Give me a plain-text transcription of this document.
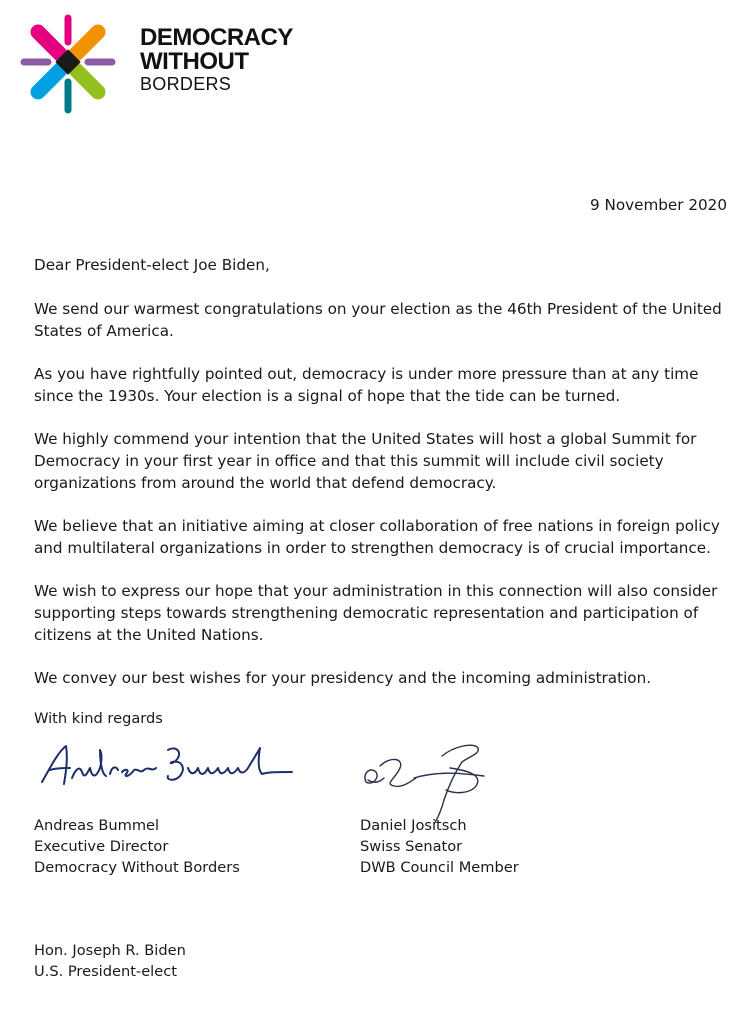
DEMOCRACY
WITHOUT
BORDERS
9 November 2020
Dear President-elect Joe Biden,
We send our warmest congratulations on your election as the 46th President of the United States of America.
As you have rightfully pointed out, democracy is under more pressure than at any time since the 1930s. Your election is a signal of hope that the tide can be turned.
We highly commend your intention that the United States will host a global Summit for Democracy in your first year in office and that this summit will include civil society organizations from around the world that defend democracy.
We believe that an initiative aiming at closer collaboration of free nations in foreign policy and multilateral organizations in order to strengthen democracy is of crucial importance.
We wish to express our hope that your administration in this connection will also consider supporting steps towards strengthening democratic representation and participation of citizens at the United Nations.
We convey our best wishes for your presidency and the incoming administration.
With kind regards
Andreas Bummel
Executive Director
Democracy Without Borders
Daniel Jositsch
Swiss Senator
DWB Council Member
Hon. Joseph R. Biden
U.S. President-elect
